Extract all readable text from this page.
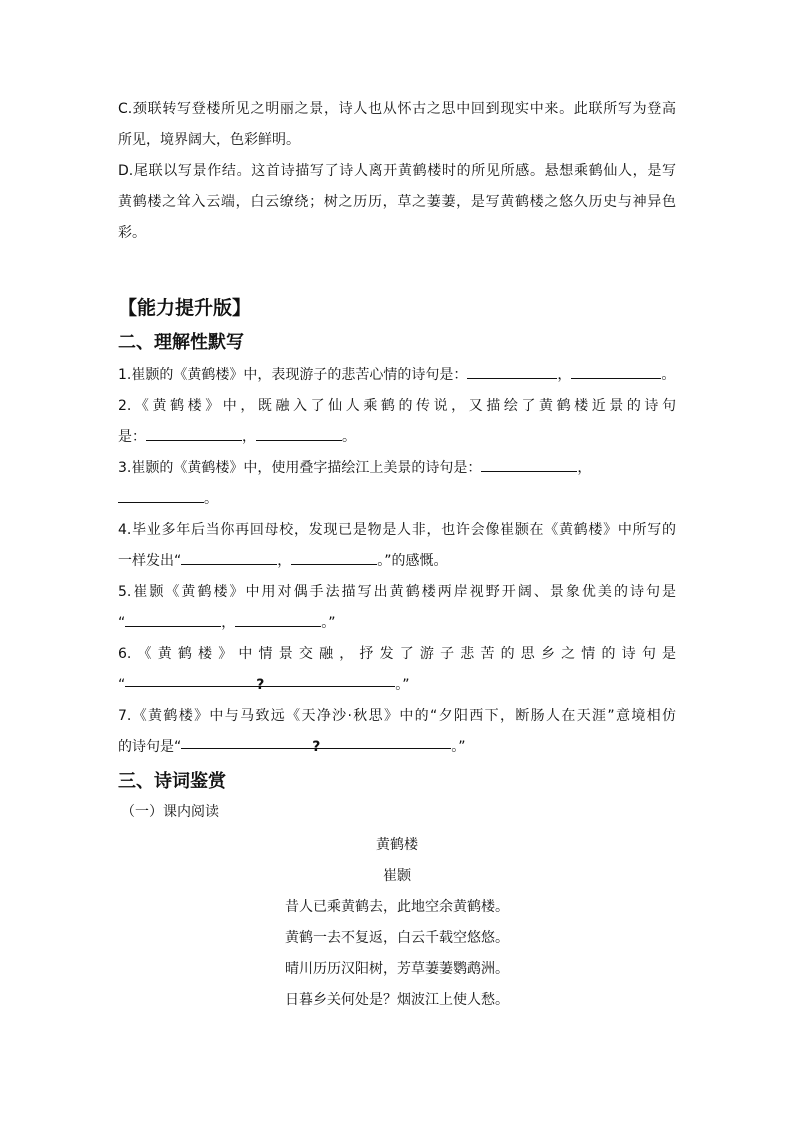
C.颈联转写登楼所见之明丽之景，诗人也从怀古之思中回到现实中来。此联所写为登高

所见，境界阔大，色彩鲜明。

D.尾联以写景作结。这首诗描写了诗人离开黄鹤楼时的所见所感。悬想乘鹤仙人，是写

黄鹤楼之耸入云端，白云缭绕；树之历历，草之萋萋，是写黄鹤楼之悠久历史与神异色

彩。

【能力提升版】

二、理解性默写

1.崔颢的《黄鹤楼》中，表现游子的悲苦心情的诗句是：	，	。

2.《黄鹤楼》中，既融入了仙人乘鹤的传说，又描绘了黄鹤楼近景的诗句

是：	，	。

3.崔颢的《黄鹤楼》中，使用叠字描绘江上美景的诗句是：	，。

4.毕业多年后当你再回母校，发现已是物是人非，也许会像崔颢在《黄鹤楼》中所写的

一样发出“	，	。”的感慨。

5.崔颢《黄鹤楼》中用对偶手法描写出黄鹤楼两岸视野开阔、景象优美的诗句是

“	，	。”

6.《黄鹤楼》中情景交融，抒发了游子悲苦的思乡之情的诗句是

“	?	。”

7.《黄鹤楼》中与马致远《天净沙·秋思》中的“夕阳西下，断肠人在天涯”意境相仿

的诗句是“	?	。”

三、诗词鉴赏

（一）课内阅读

黄鹤楼

崔颢

昔人已乘黄鹤去，此地空余黄鹤楼。

黄鹤一去不复返，白云千载空悠悠。

晴川历历汉阳树，芳草萋萋鹦鹉洲。

日暮乡关何处是？烟波江上使人愁。
